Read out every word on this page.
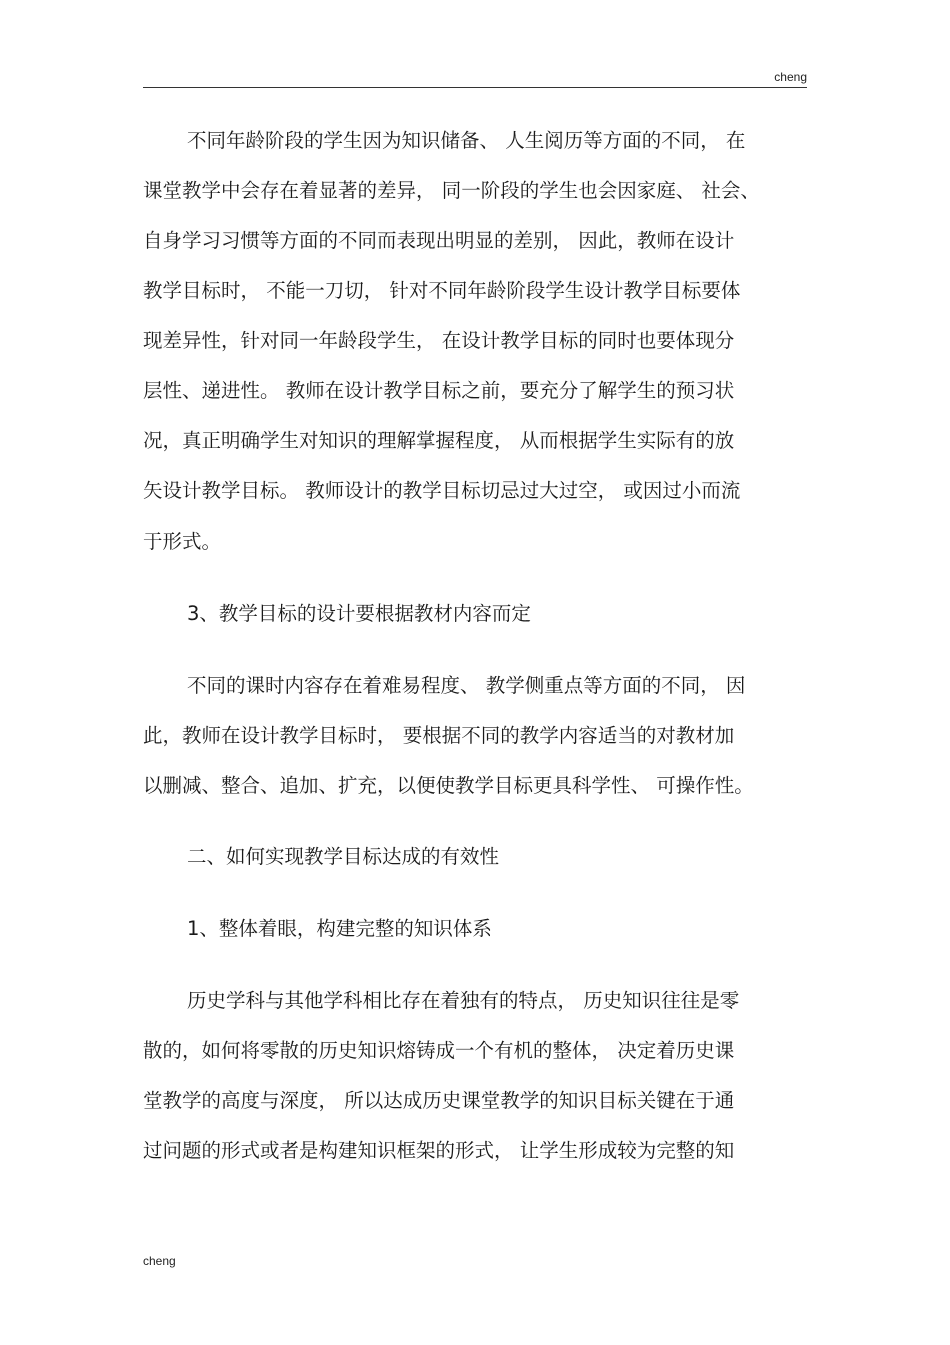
cheng
不同年龄阶段的学生因为知识储备、 人生阅历等方面的不同， 在
课堂教学中会存在着显著的差异， 同一阶段的学生也会因家庭、 社会、
自身学习习惯等方面的不同而表现出明显的差别， 因此，教师在设计
教学目标时， 不能一刀切， 针对不同年龄阶段学生设计教学目标要体
现差异性，针对同一年龄段学生， 在设计教学目标的同时也要体现分
层性、递进性。 教师在设计教学目标之前，要充分了解学生的预习状
况，真正明确学生对知识的理解掌握程度， 从而根据学生实际有的放
矢设计教学目标。 教师设计的教学目标切忌过大过空， 或因过小而流
于形式。
3、教学目标的设计要根据教材内容而定
不同的课时内容存在着难易程度、 教学侧重点等方面的不同， 因
此，教师在设计教学目标时， 要根据不同的教学内容适当的对教材加
以删减、整合、追加、扩充，以便使教学目标更具科学性、 可操作性。
二、如何实现教学目标达成的有效性
1、整体着眼，构建完整的知识体系
历史学科与其他学科相比存在着独有的特点， 历史知识往往是零
散的，如何将零散的历史知识熔铸成一个有机的整体， 决定着历史课
堂教学的高度与深度， 所以达成历史课堂教学的知识目标关键在于通
过问题的形式或者是构建知识框架的形式， 让学生形成较为完整的知
cheng
